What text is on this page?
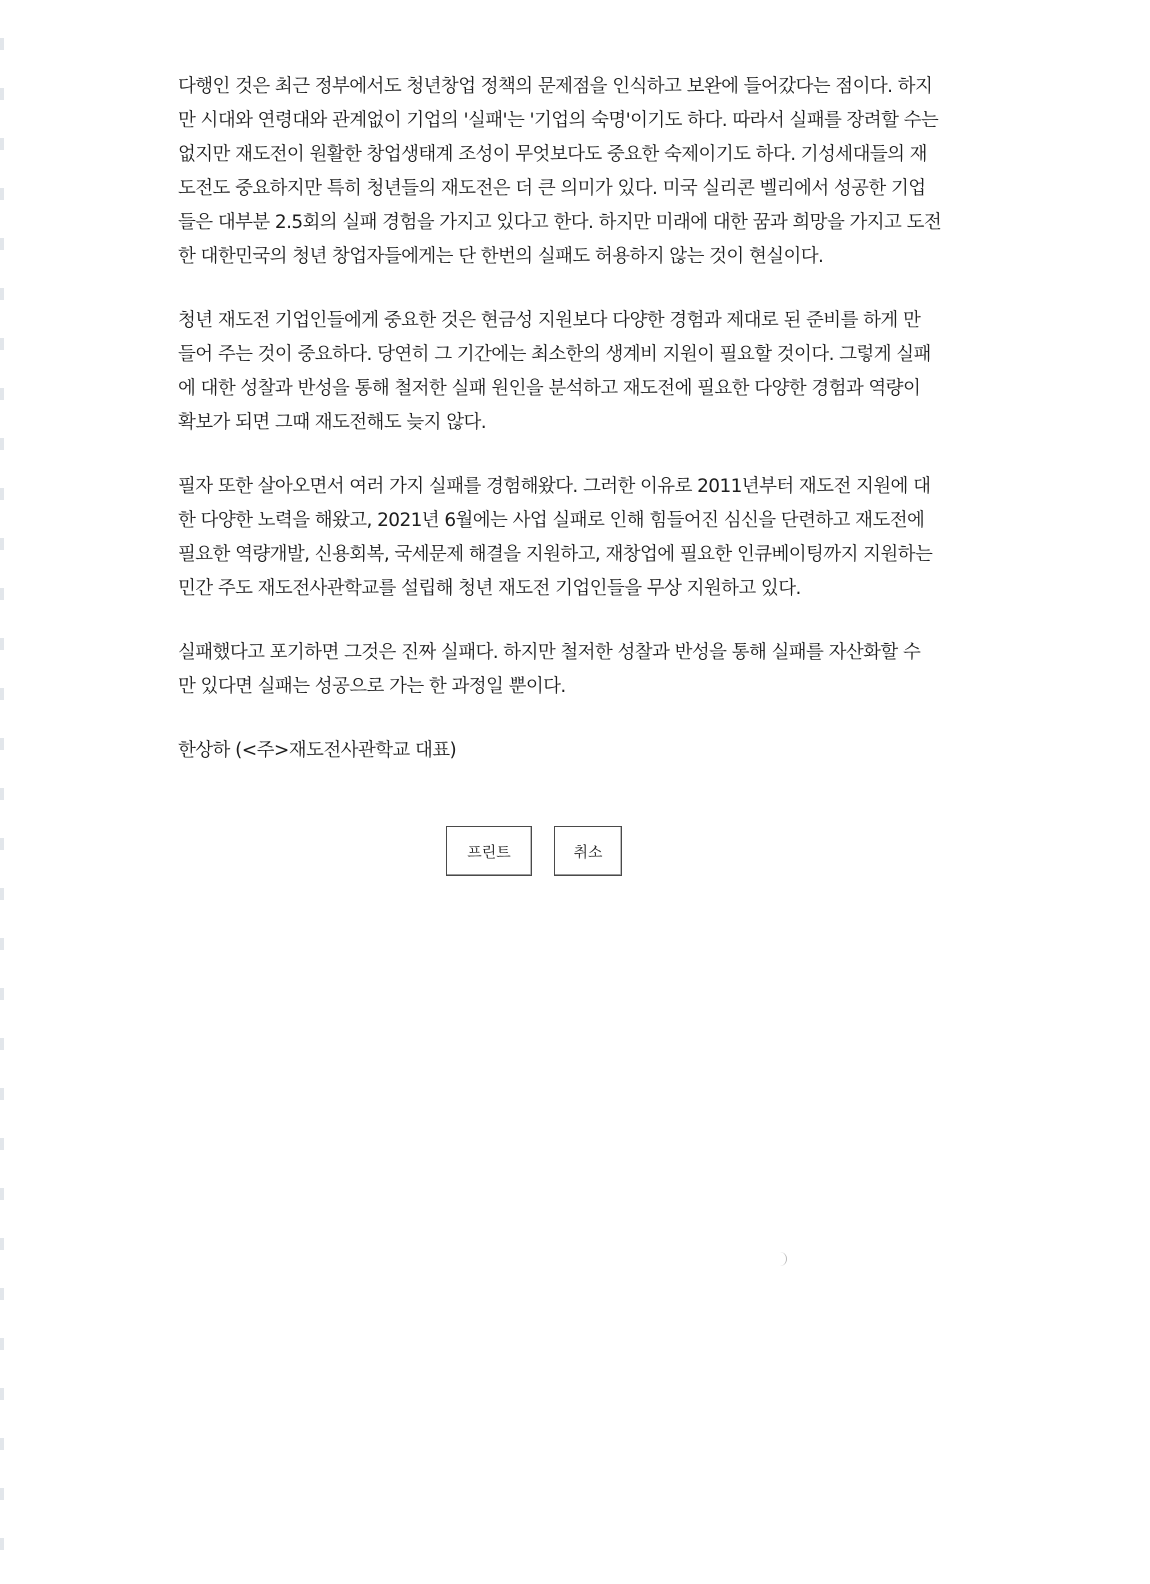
다행인 것은 최근 정부에서도 청년창업 정책의 문제점을 인식하고 보완에 들어갔다는 점이다. 하지
만 시대와 연령대와 관계없이 기업의 '실패'는 '기업의 숙명'이기도 하다. 따라서 실패를 장려할 수는
없지만 재도전이 원활한 창업생태계 조성이 무엇보다도 중요한 숙제이기도 하다. 기성세대들의 재
도전도 중요하지만 특히 청년들의 재도전은 더 큰 의미가 있다. 미국 실리콘 벨리에서 성공한 기업
들은 대부분 2.5회의 실패 경험을 가지고 있다고 한다. 하지만 미래에 대한 꿈과 희망을 가지고 도전
한 대한민국의 청년 창업자들에게는 단 한번의 실패도 허용하지 않는 것이 현실이다.

청년 재도전 기업인들에게 중요한 것은 현금성 지원보다 다양한 경험과 제대로 된 준비를 하게 만
들어 주는 것이 중요하다. 당연히 그 기간에는 최소한의 생계비 지원이 필요할 것이다. 그렇게 실패
에 대한 성찰과 반성을 통해 철저한 실패 원인을 분석하고 재도전에 필요한 다양한 경험과 역량이
확보가 되면 그때 재도전해도 늦지 않다.

필자 또한 살아오면서 여러 가지 실패를 경험해왔다. 그러한 이유로 2011년부터 재도전 지원에 대
한 다양한 노력을 해왔고, 2021년 6월에는 사업 실패로 인해 힘들어진 심신을 단련하고 재도전에
필요한 역량개발, 신용회복, 국세문제 해결을 지원하고, 재창업에 필요한 인큐베이팅까지 지원하는
민간 주도 재도전사관학교를 설립해 청년 재도전 기업인들을 무상 지원하고 있다.

실패했다고 포기하면 그것은 진짜 실패다. 하지만 철저한 성찰과 반성을 통해 실패를 자산화할 수
만 있다면 실패는 성공으로 가는 한 과정일 뿐이다.

한상하 (<주>재도전사관학교 대표)

프린트	취소
